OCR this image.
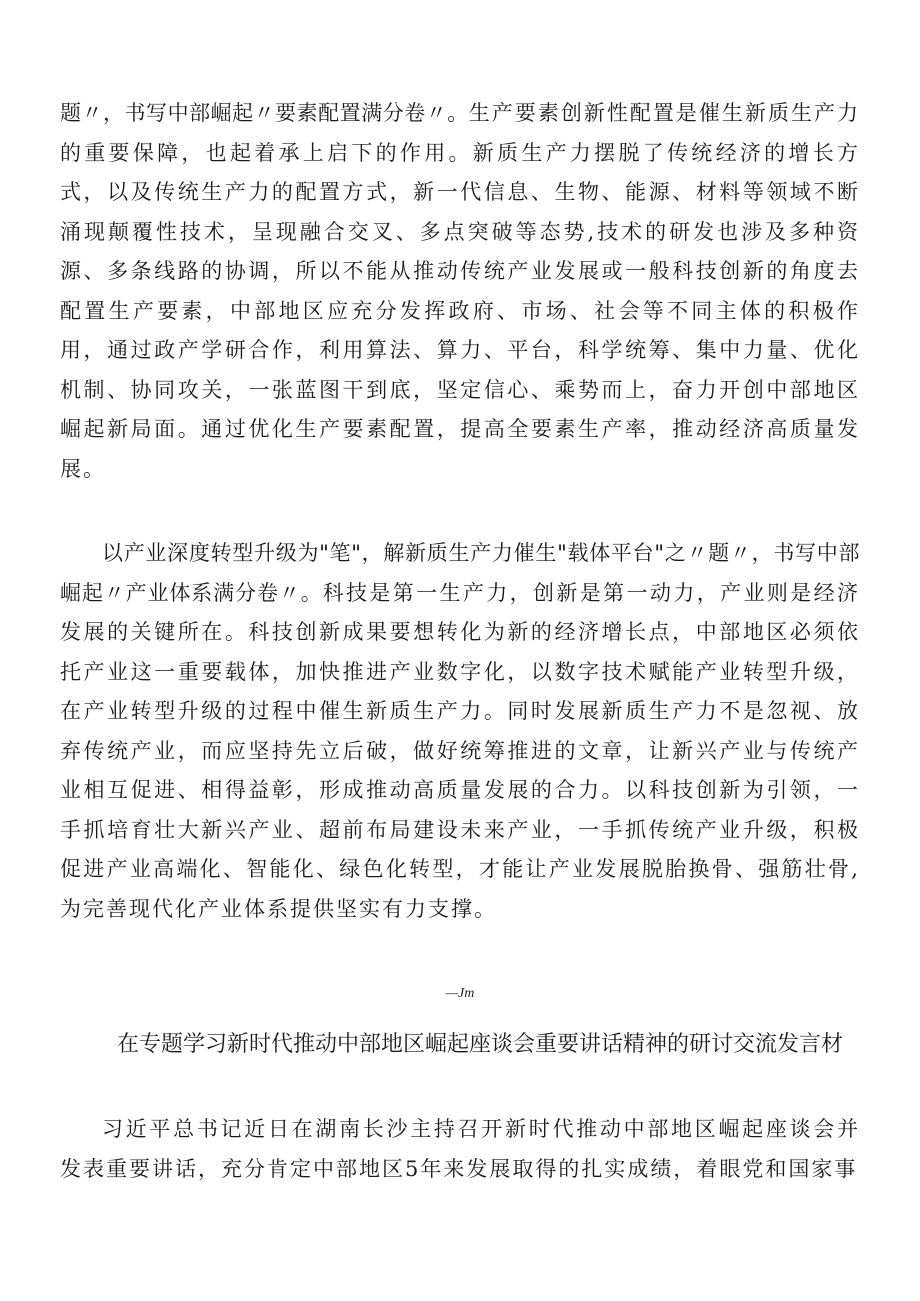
题〃，书写中部崛起〃要素配置满分卷〃。生产要素创新性配置是催生新质生产力的重要保障，也起着承上启下的作用。新质生产力摆脱了传统经济的增长方式，以及传统生产力的配置方式，新一代信息、生物、能源、材料等领域不断涌现颠覆性技术，呈现融合交叉、多点突破等态势,技术的研发也涉及多种资源、多条线路的协调，所以不能从推动传统产业发展或一般科技创新的角度去配置生产要素，中部地区应充分发挥政府、市场、社会等不同主体的积极作用，通过政产学研合作，利用算法、算力、平台，科学统筹、集中力量、优化机制、协同攻关，一张蓝图干到底，坚定信心、乘势而上，奋力开创中部地区崛起新局面。通过优化生产要素配置，提高全要素生产率，推动经济高质量发展。

以产业深度转型升级为"笔"，解新质生产力催生"载体平台"之〃题〃，书写中部崛起〃产业体系满分卷〃。科技是第一生产力，创新是第一动力，产业则是经济发展的关键所在。科技创新成果要想转化为新的经济增长点，中部地区必须依托产业这一重要载体，加快推进产业数字化，以数字技术赋能产业转型升级，在产业转型升级的过程中催生新质生产力。同时发展新质生产力不是忽视、放弃传统产业，而应坚持先立后破，做好统筹推进的文章，让新兴产业与传统产业相互促进、相得益彰，形成推动高质量发展的合力。以科技创新为引领，一手抓培育壮大新兴产业、超前布局建设未来产业，一手抓传统产业升级，积极促进产业高端化、智能化、绿色化转型，才能让产业发展脱胎换骨、强筋壮骨,为完善现代化产业体系提供坚实有力支撑。

—Jm
在专题学习新时代推动中部地区崛起座谈会重要讲话精神的研讨交流发言材

习近平总书记近日在湖南长沙主持召开新时代推动中部地区崛起座谈会并发表重要讲话，充分肯定中部地区5年来发展取得的扎实成绩，着眼党和国家事
